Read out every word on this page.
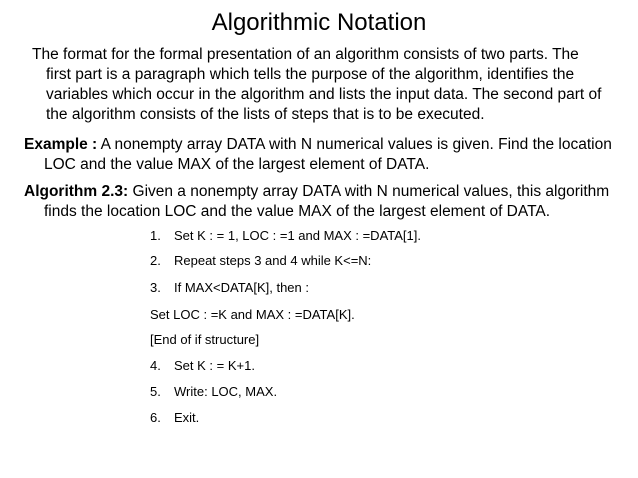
Algorithmic Notation
The format for the formal presentation of an algorithm consists of two parts. The
first part is a paragraph which tells the purpose of the algorithm, identifies the
variables which occur in the algorithm and lists the input data. The second part of
the algorithm consists of the lists of steps that is to be executed.
Example : A nonempty array DATA with N numerical values is given. Find the location
LOC and the value MAX of the largest element of DATA.
Algorithm 2.3: Given a nonempty array DATA with N numerical values, this algorithm
finds the location LOC and the value MAX of the largest element of DATA.
1. Set K : = 1, LOC : =1 and MAX : =DATA[1].
2. Repeat steps 3 and 4 while K<=N:
3. If MAX<DATA[K], then :
Set LOC : =K and MAX : =DATA[K].
[End of if structure]
4. Set K : = K+1.
5. Write: LOC, MAX.
6. Exit.
